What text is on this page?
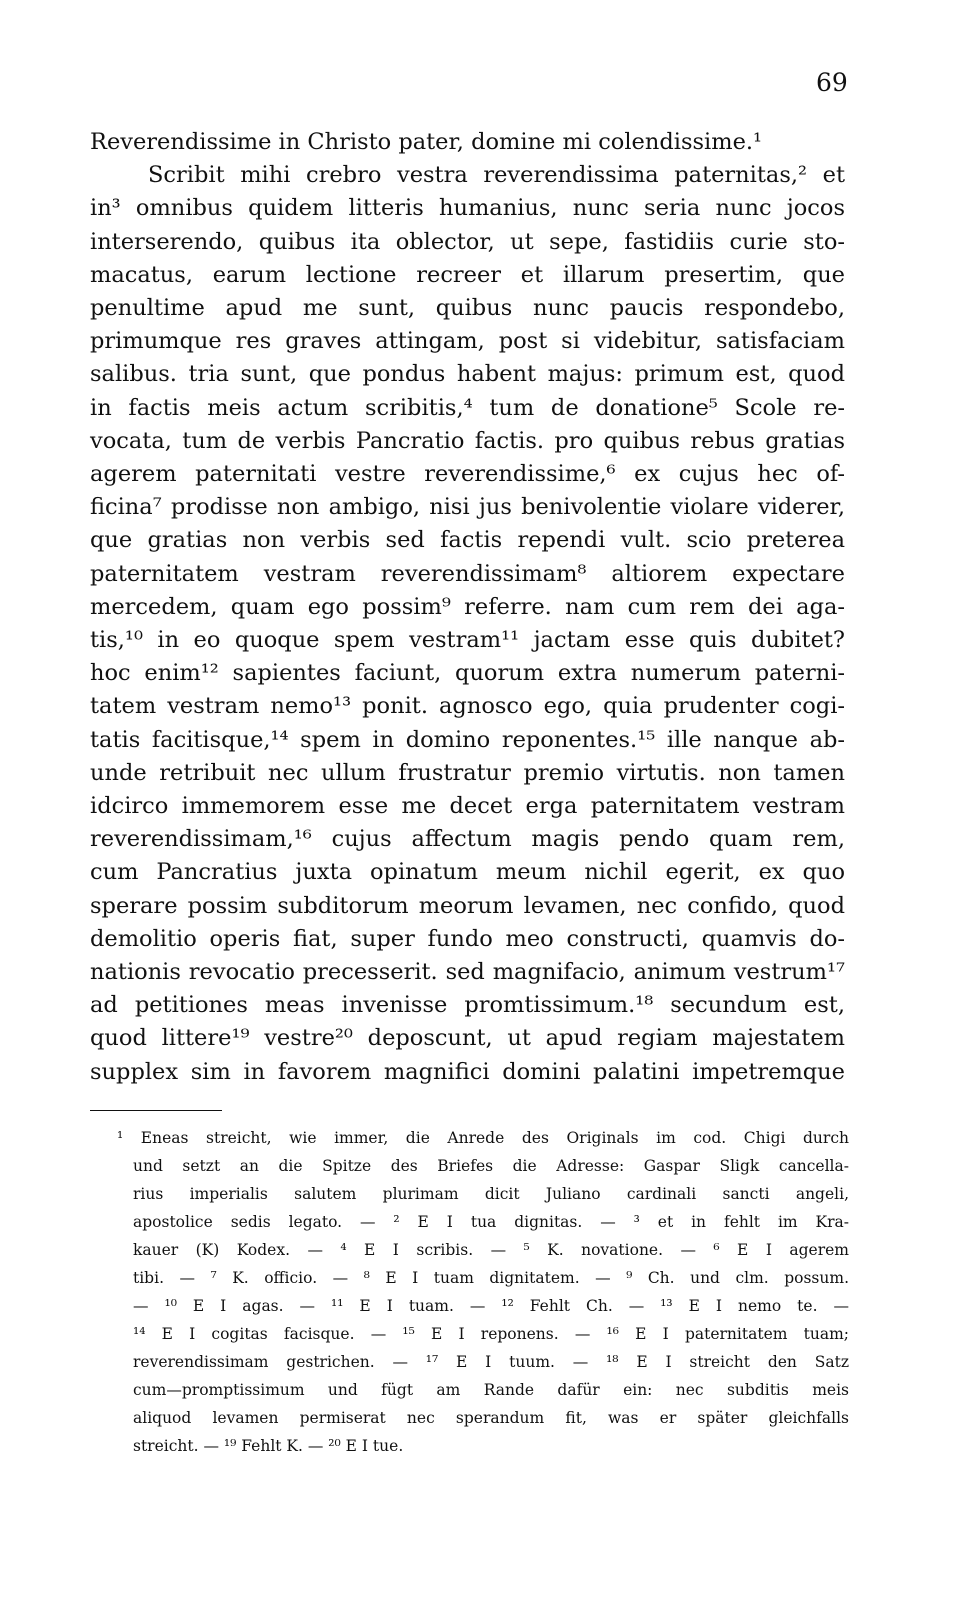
69
Reverendissime in Christo pater, domine mi colendissime.¹
Scribit mihi crebro vestra reverendissima paternitas,² et
in³ omnibus quidem litteris humanius, nunc seria nunc jocos
interserendo, quibus ita oblector, ut sepe, fastidiis curie sto-
macatus, earum lectione recreer et illarum presertim, que
penultime apud me sunt, quibus nunc paucis respondebo,
primumque res graves attingam, post si videbitur, satisfaciam
salibus. tria sunt, que pondus habent majus: primum est, quod
in factis meis actum scribitis,⁴ tum de donatione⁵ Scole re-
vocata, tum de verbis Pancratio factis. pro quibus rebus gratias
agerem paternitati vestre reverendissime,⁶ ex cujus hec of-
ficina⁷ prodisse non ambigo, nisi jus benivolentie violare viderer,
que gratias non verbis sed factis rependi vult. scio preterea
paternitatem vestram reverendissimam⁸ altiorem expectare
mercedem, quam ego possim⁹ referre. nam cum rem dei aga-
tis,¹⁰ in eo quoque spem vestram¹¹ jactam esse quis dubitet?
hoc enim¹² sapientes faciunt, quorum extra numerum paterni-
tatem vestram nemo¹³ ponit. agnosco ego, quia prudenter cogi-
tatis facitisque,¹⁴ spem in domino reponentes.¹⁵ ille nanque ab-
unde retribuit nec ullum frustratur premio virtutis. non tamen
idcirco immemorem esse me decet erga paternitatem vestram
reverendissimam,¹⁶ cujus affectum magis pendo quam rem,
cum Pancratius juxta opinatum meum nichil egerit, ex quo
sperare possim subditorum meorum levamen, nec confido, quod
demolitio operis fiat, super fundo meo constructi, quamvis do-
nationis revocatio precesserit. sed magnifacio, animum vestrum¹⁷
ad petitiones meas invenisse promtissimum.¹⁸ secundum est,
quod littere¹⁹ vestre²⁰ deposcunt, ut apud regiam majestatem
supplex sim in favorem magnifici domini palatini impetremque
¹ Eneas streicht, wie immer, die Anrede des Originals im cod. Chigi durch
und setzt an die Spitze des Briefes die Adresse: Gaspar Sligk cancella-
rius imperialis salutem plurimam dicit Juliano cardinali sancti angeli,
apostolice sedis legato. — ² E I tua dignitas. — ³ et in fehlt im Kra-
kauer (K) Kodex. — ⁴ E I scribis. — ⁵ K. novatione. — ⁶ E I agerem
tibi. — ⁷ K. officio. — ⁸ E I tuam dignitatem. — ⁹ Ch. und clm. possum.
— ¹⁰ E I agas. — ¹¹ E I tuam. — ¹² Fehlt Ch. — ¹³ E I nemo te. —
¹⁴ E I cogitas facisque. — ¹⁵ E I reponens. — ¹⁶ E I paternitatem tuam;
reverendissimam gestrichen. — ¹⁷ E I tuum. — ¹⁸ E I streicht den Satz
cum—promptissimum und fügt am Rande dafür ein: nec subditis meis
aliquod levamen permiserat nec sperandum fit, was er später gleichfalls
streicht. — ¹⁹ Fehlt K. — ²⁰ E I tue.
